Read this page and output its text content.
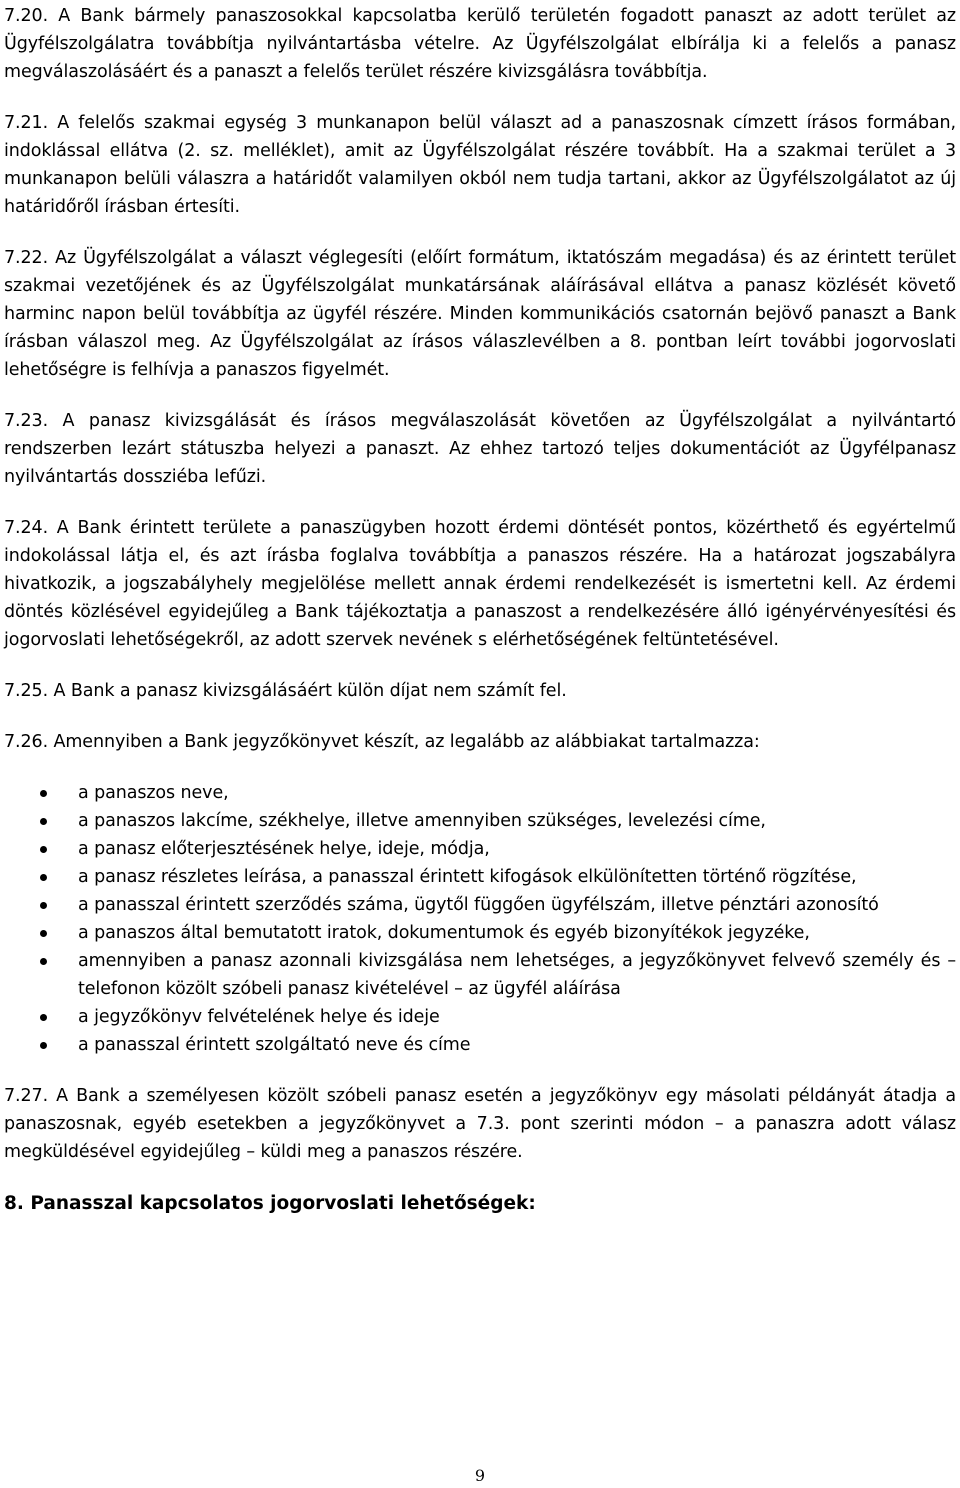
7.20. A Bank bármely panaszosokkal kapcsolatba kerülő területén fogadott panaszt az adott terület az Ügyfélszolgálatra továbbítja nyilvántartásba vételre. Az Ügyfélszolgálat elbírálja ki a felelős a panasz megválaszolásáért és a panaszt a felelős terület részére kivizsgálásra továbbítja.

7.21. A felelős szakmai egység 3 munkanapon belül választ ad a panaszosnak címzett írásos formában, indoklással ellátva (2. sz. melléklet), amit az Ügyfélszolgálat részére továbbít. Ha a szakmai terület a 3 munkanapon belüli válaszra a határidőt valamilyen okból nem tudja tartani, akkor az Ügyfélszolgálatot az új határidőről írásban értesíti.

7.22. Az Ügyfélszolgálat a választ véglegesíti (előírt formátum, iktatószám megadása) és az érintett terület szakmai vezetőjének és az Ügyfélszolgálat munkatársának aláírásával ellátva a panasz közlését követő harminc napon belül továbbítja az ügyfél részére. Minden kommunikációs csatornán bejövő panaszt a Bank írásban válaszol meg. Az Ügyfélszolgálat az írásos válaszlevélben a 8. pontban leírt további jogorvoslati lehetőségre is felhívja a panaszos figyelmét.

7.23. A panasz kivizsgálását és írásos megválaszolását követően az Ügyfélszolgálat a nyilvántartó rendszerben lezárt státuszba helyezi a panaszt. Az ehhez tartozó teljes dokumentációt az Ügyfélpanasz nyilvántartás dossziéba lefűzi.

7.24. A Bank érintett területe a panaszügyben hozott érdemi döntését pontos, közérthető és egyértelmű indokolással látja el, és azt írásba foglalva továbbítja a panaszos részére. Ha a határozat jogszabályra hivatkozik, a jogszabályhely megjelölése mellett annak érdemi rendelkezését is ismertetni kell. Az érdemi döntés közlésével egyidejűleg a Bank tájékoztatja a panaszost a rendelkezésére álló igényérvényesítési és jogorvoslati lehetőségekről, az adott szervek nevének s elérhetőségének feltüntetésével.

7.25. A Bank a panasz kivizsgálásáért külön díjat nem számít fel.

7.26. Amennyiben a Bank jegyzőkönyvet készít, az legalább az alábbiakat tartalmazza:

a panaszos neve,
a panaszos lakcíme, székhelye, illetve amennyiben szükséges, levelezési címe,
a panasz előterjesztésének helye, ideje, módja,
a panasz részletes leírása, a panasszal érintett kifogások elkülönítetten történő rögzítése,
a panasszal érintett szerződés száma, ügytől függően ügyfélszám, illetve pénztári azonosító
a panaszos által bemutatott iratok, dokumentumok és egyéb bizonyítékok jegyzéke,
amennyiben a panasz azonnali kivizsgálása nem lehetséges, a jegyzőkönyvet felvevő személy és – telefonon közölt szóbeli panasz kivételével – az ügyfél aláírása
a jegyzőkönyv felvételének helye és ideje
a panasszal érintett szolgáltató neve és címe

7.27. A Bank a személyesen közölt szóbeli panasz esetén a jegyzőkönyv egy másolati példányát átadja a panaszosnak, egyéb esetekben a jegyzőkönyvet a 7.3. pont szerinti módon – a panaszra adott válasz megküldésével egyidejűleg – küldi meg a panaszos részére.

8. Panasszal kapcsolatos jogorvoslati lehetőségek:
9
